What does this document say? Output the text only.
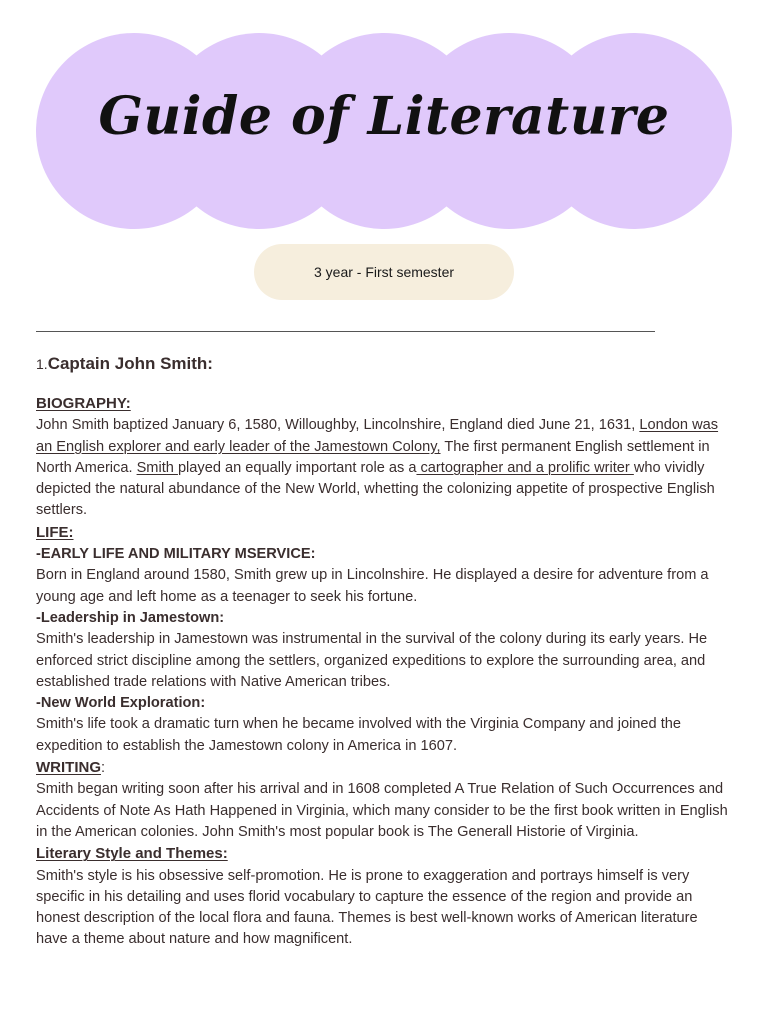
Guide of Literature
3 year - First semester

1.Captain John Smith:

BIOGRAPHY:

John Smith baptized January 6, 1580, Willoughby, Lincolnshire, England died June 21, 1631, London was an English explorer and early leader of the Jamestown Colony, The first permanent English settlement in North America. Smith played an equally important role as a cartographer and a prolific writer who vividly depicted the natural abundance of the New World, whetting the colonizing appetite of prospective English settlers.

LIFE:

-EARLY LIFE AND MILITARY MSERVICE:

Born in England around 1580, Smith grew up in Lincolnshire. He displayed a desire for adventure from a young age and left home as a teenager to seek his fortune.

-Leadership in Jamestown:

Smith's leadership in Jamestown was instrumental in the survival of the colony during its early years. He enforced strict discipline among the settlers, organized expeditions to explore the surrounding area, and established trade relations with Native American tribes.

-New World Exploration:

Smith's life took a dramatic turn when he became involved with the Virginia Company and joined the expedition to establish the Jamestown colony in America in 1607.

WRITING:

Smith began writing soon after his arrival and in 1608 completed A True Relation of Such Occurrences and Accidents of Note As Hath Happened in Virginia, which many consider to be the first book written in English in the American colonies. John Smith's most popular book is The Generall Historie of Virginia.

Literary Style and Themes:

Smith's style is his obsessive self-promotion. He is prone to exaggeration and portrays himself is very specific in his detailing and uses florid vocabulary to capture the essence of the region and provide an honest description of the local flora and fauna. Themes is best well-known works of American literature have a theme about nature and how magnificent.
